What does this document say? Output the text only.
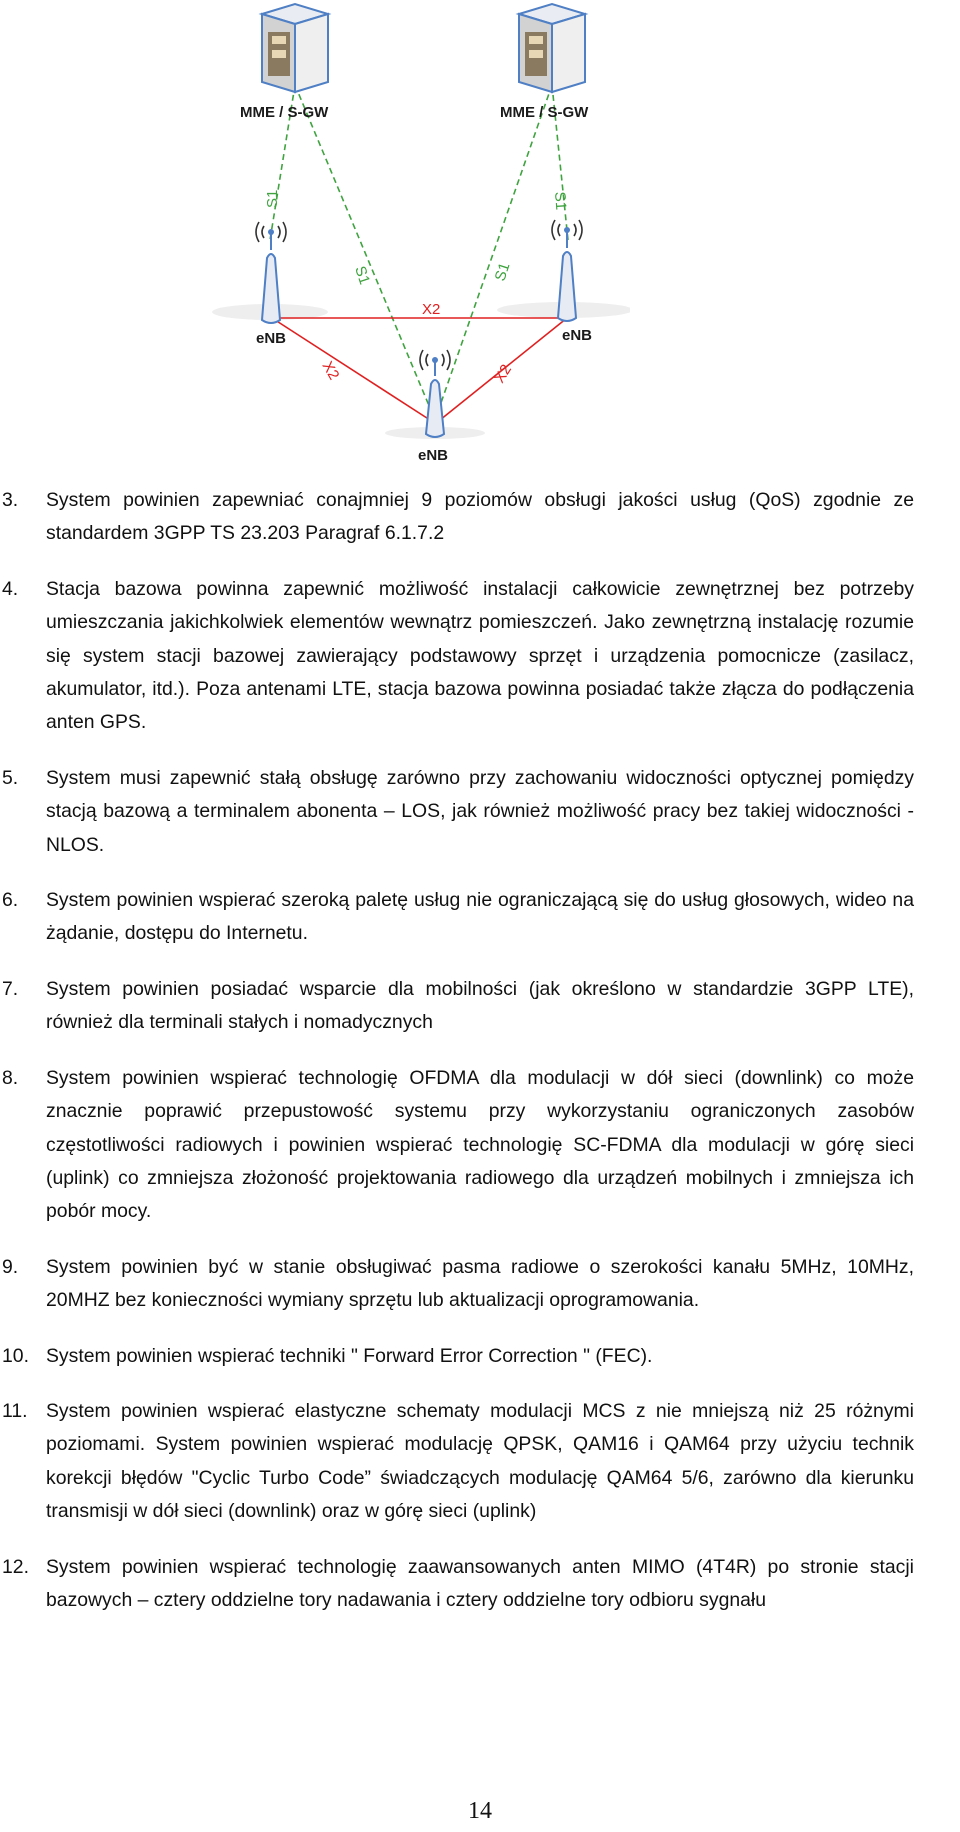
S1
S1	S1
S1
X2
X2	X2
MME / S-GW	MME / S-GW
eNB	eNB
eNB
3. System powinien zapewniać conajmniej 9 poziomów obsługi jakości usług (QoS) zgodnie ze standardem 3GPP TS 23.203 Paragraf 6.1.7.2
4. Stacja bazowa powinna zapewnić możliwość instalacji całkowicie zewnętrznej bez potrzeby umieszczania jakichkolwiek elementów wewnątrz pomieszczeń. Jako zewnętrzną instalację rozumie się system stacji bazowej zawierający podstawowy sprzęt i urządzenia pomocnicze (zasilacz, akumulator, itd.). Poza antenami LTE, stacja bazowa powinna posiadać także złącza do podłączenia anten GPS.
5. System musi zapewnić stałą obsługę zarówno przy zachowaniu widoczności optycznej pomiędzy stacją bazową a terminalem abonenta – LOS, jak również możliwość pracy bez takiej widoczności - NLOS.
6. System powinien wspierać szeroką paletę usług nie ograniczającą się do usług głosowych, wideo na żądanie, dostępu do Internetu.
7. System powinien posiadać wsparcie dla mobilności (jak określono w standardzie 3GPP LTE), również dla terminali stałych i nomadycznych
8. System powinien wspierać technologię OFDMA dla modulacji w dół sieci (downlink) co może znacznie poprawić przepustowość systemu przy wykorzystaniu ograniczonych zasobów częstotliwości radiowych i powinien wspierać technologię SC-FDMA dla modulacji w górę sieci (uplink) co zmniejsza złożoność projektowania radiowego dla urządzeń mobilnych i zmniejsza ich pobór mocy.
9. System powinien być w stanie obsługiwać pasma radiowe o szerokości kanału 5MHz, 10MHz, 20MHZ bez konieczności wymiany sprzętu lub aktualizacji oprogramowania.
10. System powinien wspierać techniki " Forward Error Correction " (FEC).
11. System powinien wspierać elastyczne schematy modulacji MCS z nie mniejszą niż 25 różnymi poziomami. System powinien wspierać modulację QPSK, QAM16 i QAM64 przy użyciu technik korekcji błędów "Cyclic Turbo Code” świadczących modulację QAM64 5/6, zarówno dla kierunku transmisji w dół sieci (downlink) oraz w górę sieci (uplink)
12. System powinien wspierać technologię zaawansowanych anten MIMO (4T4R) po stronie stacji bazowych – cztery oddzielne tory nadawania i cztery oddzielne tory odbioru sygnału
14
